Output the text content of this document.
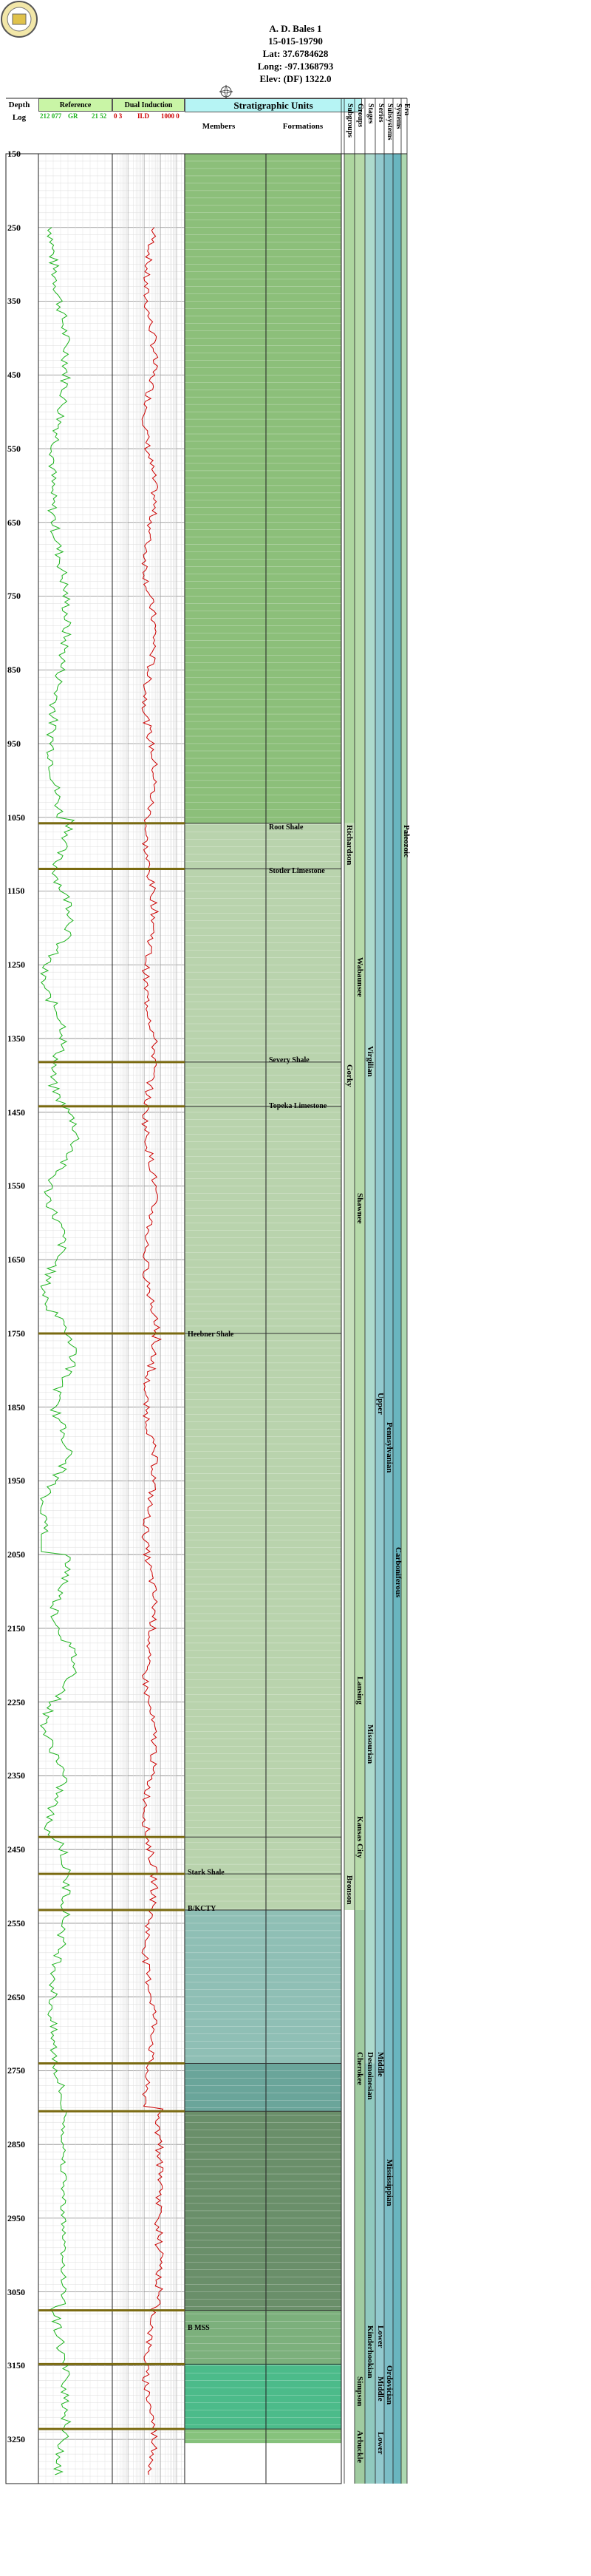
A. D. Bales 1
15-015-19790
Lat: 37.6784628
Long: -97.1368793
Elev: (DF) 1322.0
Depth
Log
Reference	Dual Induction	Stratigraphic Units
212 077 GR 21 52 0 3 ILD 1000 0
Members	Formations
150
250
350
450
550
650
750
850
950
1050
1150
1250
1350
1450
1550
1650
1750
1850
1950
2050
2150
2250
2350
2450
2550
2650
2750
2850
2950
3050
3150
3250
Subgroups Groups Stages Series Subsystems Systems Era
Root Shale
Stotler Limestone
Severy Shale
Topeka Limestone
Heebner Shale
Stark Shale
B/KCTY
B MSS
Richardson
Wabaunsee
Shawnee
Virgilian
Gorky
Lansing
Kansas City
Missourian
Bronson
Upper
Pennsylvanian
Carboniferous
Cherokee Desmoinesian Middle
Mississippian
Kinderhookian Lower
Simpson Middle Ordovician
Arbuckle Lower
Paleozoic
